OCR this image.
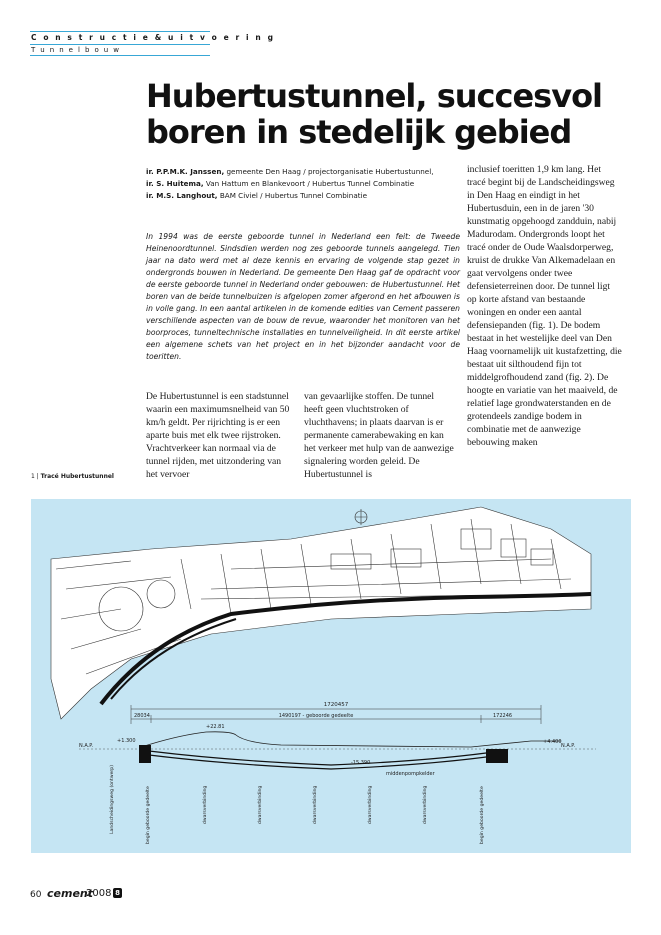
C o n s t r u c t i e & u i t v o e r i n g
T u n n e l b o u w
Hubertustunnel, succesvol boren in stedelijk gebied

ir. P.P.M.K. Janssen, gemeente Den Haag / projectorganisatie Hubertustunnel,

ir. S. Huitema, Van Hattum en Blankevoort / Hubertus Tunnel Combinatie

ir. M.S. Langhout, BAM Civiel / Hubertus Tunnel Combinatie

In 1994 was de eerste geboorde tunnel in Nederland een feit: de Tweede Heinenoordtunnel. Sindsdien werden nog zes geboorde tunnels aangelegd. Tien jaar na dato werd met al deze kennis en ervaring de volgende stap gezet in ondergronds bouwen in Nederland. De gemeente Den Haag gaf de opdracht voor de eerste geboorde tunnel in Nederland onder gebouwen: de Hubertustunnel. Het boren van de beide tunnelbuizen is afgelopen zomer afgerond en het afbouwen is in volle gang. In een aantal artikelen in de komende edities van Cement passeren verschillende aspecten van de bouw de revue, waaronder het monitoren van het boorproces, tunneltechnische installaties en tunnelveiligheid. In dit eerste artikel een algemene schets van het project en in het bijzonder aandacht voor de toeritten.
De Hubertustunnel is een stadstunnel waarin een maximumsnelheid van 50 km/h geldt. Per rijrichting is er een aparte buis met elk twee rijstroken. Vrachtverkeer kan normaal via de tunnel rijden, met uitzondering van het vervoer
van gevaarlijke stoffen. De tunnel heeft geen vluchtstroken of vluchthavens; in plaats daarvan is er permanente camerabewaking en kan het verkeer met hulp van de aanwezige signalering worden geleid. De Hubertustunnel is
inclusief toeritten 1,9 km lang. Het tracé begint bij de Landscheidingsweg in Den Haag en eindigt in het Hubertusduin, een in de jaren '30 kunstmatig opgehoogd zandduin, nabij Madurodam. Ondergronds loopt het tracé onder de Oude Waalsdorperweg, kruist de drukke Van Alkemadelaan en gaat vervolgens onder twee defensieterreinen door. De tunnel ligt op korte afstand van bestaande woningen en onder een aantal defensiepanden (fig. 1). De bodem bestaat in het westelijke deel van Den Haag voornamelijk uit kustafzetting, die bestaat uit silthoudend fijn tot middelgrofhoudend zand (fig. 2). De hoogte en variatie van het maaiveld, de relatief lage grondwaterstanden en de grotendeels zandige bodem in combinatie met de aanwezige bebouwing maken
1 | Tracé Hubertustunnel
1720457
28034	1490197 - geboorde gedeelte	172246
N.A.P.	N.A.P.
+1.300
+22.81
+4.400
-15.390
middenpompkelder
Landscheidingsweg (ontwerp)	begin geboorde gedeelte	dwarsverbinding	dwarsverbinding	dwarsverbinding	dwarsverbinding	dwarsverbinding	begin geboorde gedeelte
60 cement
2008 8
